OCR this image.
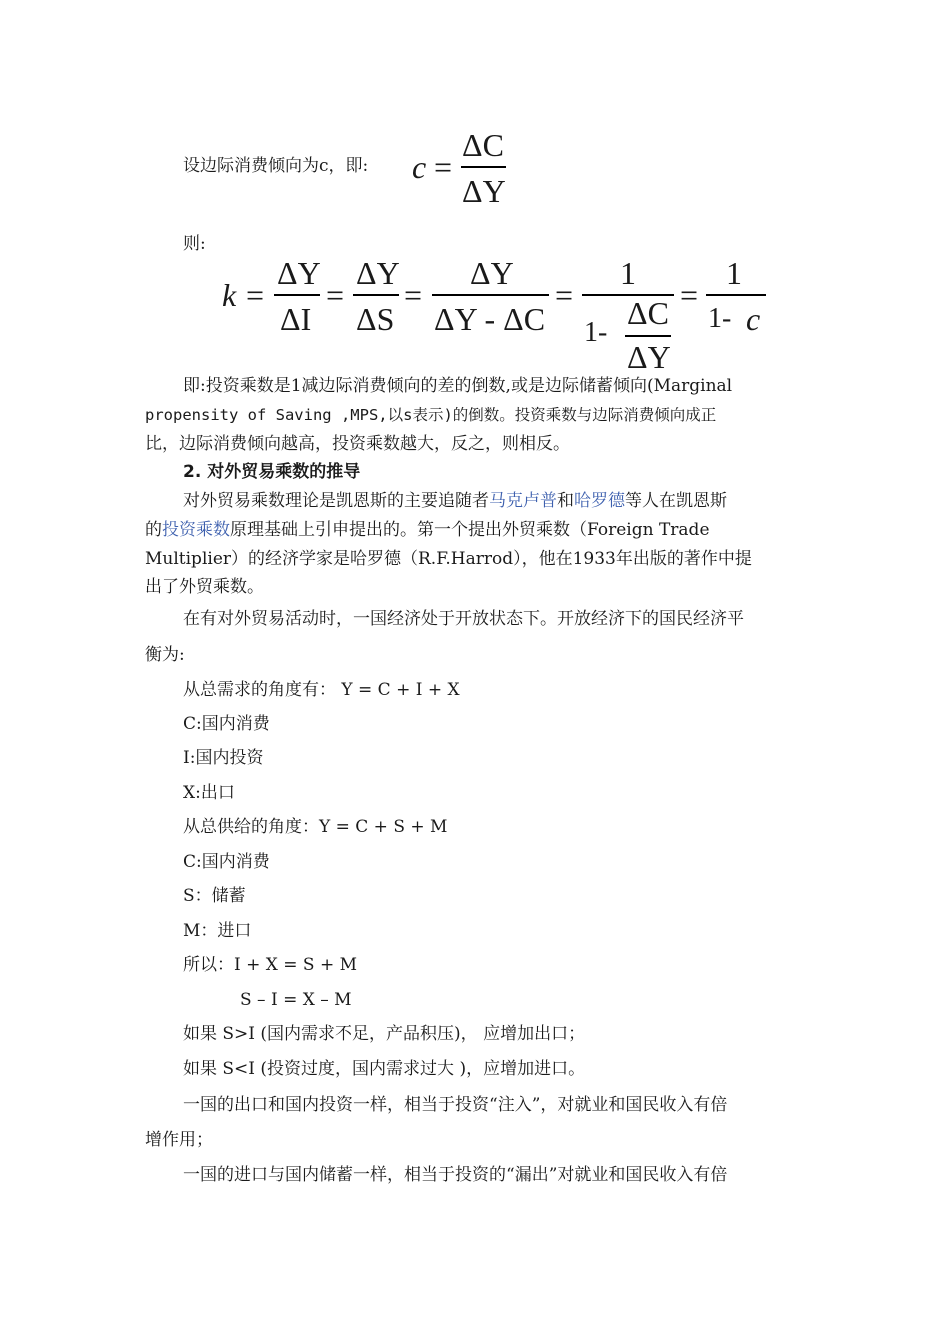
设边际消费倾向为c，即: c =
ΔC
ΔY
则:
k =
ΔY
ΔI
=
ΔY
ΔS
=
ΔY
ΔY - ΔC
=
1
1-
ΔC
ΔY
=
1
1- c
即:投资乘数是1减边际消费倾向的差的倒数,或是边际储蓄倾向(Marginal
propensity of Saving ,MPS,以s表示)的倒数。投资乘数与边际消费倾向成正
比，边际消费倾向越高，投资乘数越大，反之，则相反。
2. 对外贸易乘数的推导
对外贸易乘数理论是凯恩斯的主要追随者马克卢普和哈罗德等人在凯恩斯
的投资乘数原理基础上引申提出的。第一个提出外贸乘数（Foreign Trade
Multiplier）的经济学家是哈罗德（R.F.Harrod），他在1933年出版的著作中提
出了外贸乘数。
在有对外贸易活动时，一国经济处于开放状态下。开放经济下的国民经济平
衡为:
从总需求的角度有： Y = C + I + X
C:国内消费
I:国内投资
X:出口
从总供给的角度：Y = C + S + M
C:国内消费
S：储蓄
M：进口
所以：I + X = S + M
S – I = X – M
如果 S>I (国内需求不足，产品积压)， 应增加出口；
如果 S<I (投资过度，国内需求过大 )，应增加进口。
一国的出口和国内投资一样，相当于投资“注入”，对就业和国民收入有倍
增作用；
一国的进口与国内储蓄一样，相当于投资的“漏出”对就业和国民收入有倍
